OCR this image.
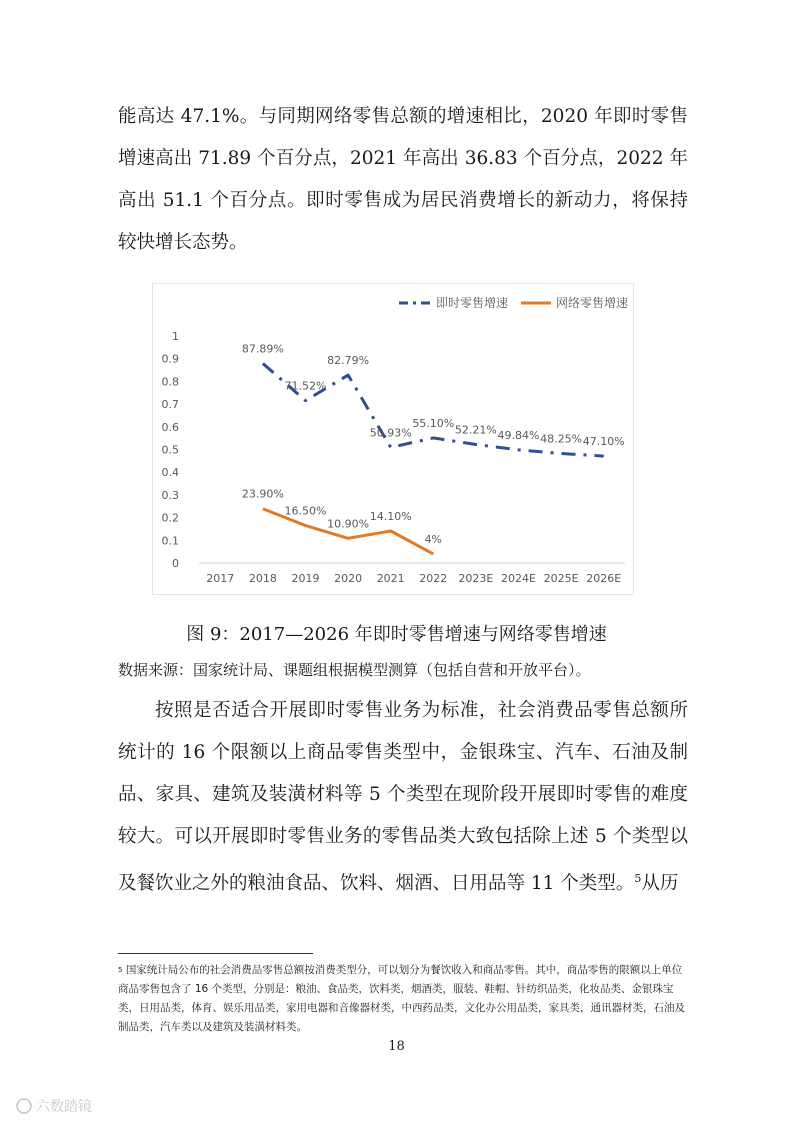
能高达 47.1%。与同期网络零售总额的增速相比，2020 年即时零售增速高出 71.89 个百分点，2021 年高出 36.83 个百分点，2022 年高出 51.1 个百分点。即时零售成为居民消费增长的新动力，将保持较快增长态势。

0
0.1
0.2
0.3
0.4
0.5
0.6
0.7
0.8
0.9
1
2017 2018 2019 2020 2021 2022 2023E 2024E 2025E 2026E
87.89%
71.52%
82.79%
50.93%
55.10%
52.21% 49.84% 48.25% 47.10%
23.90%
16.50%
10.90%
14.10%
4%
即时零售增速	网络零售增速
图 9：2017—2026 年即时零售增速与网络零售增速
数据来源：国家统计局、课题组根据模型测算（包括自营和开放平台）。

按照是否适合开展即时零售业务为标准，社会消费品零售总额所统计的 16 个限额以上商品零售类型中，金银珠宝、汽车、石油及制品、家具、建筑及装潢材料等 5 个类型在现阶段开展即时零售的难度较大。可以开展即时零售业务的零售品类大致包括除上述 5 个类型以及餐饮业之外的粮油食品、饮料、烟酒、日用品等 11 个类型。$^5$从历

$^5$ 国家统计局公布的社会消费品零售总额按消费类型分，可以划分为餐饮收入和商品零售。其中，商品零售的限额以上单位商品零售包含了 16 个类型，分别是：粮油、食品类，饮料类，烟酒类，服装、鞋帽、针纺织品类，化妆品类、金银珠宝类，日用品类，体育、娱乐用品类，家用电器和音像器材类，中西药品类，文化办公用品类，家具类，通讯器材类，石油及制品类，汽车类以及建筑及装潢材料类。

18
六数踏镜
